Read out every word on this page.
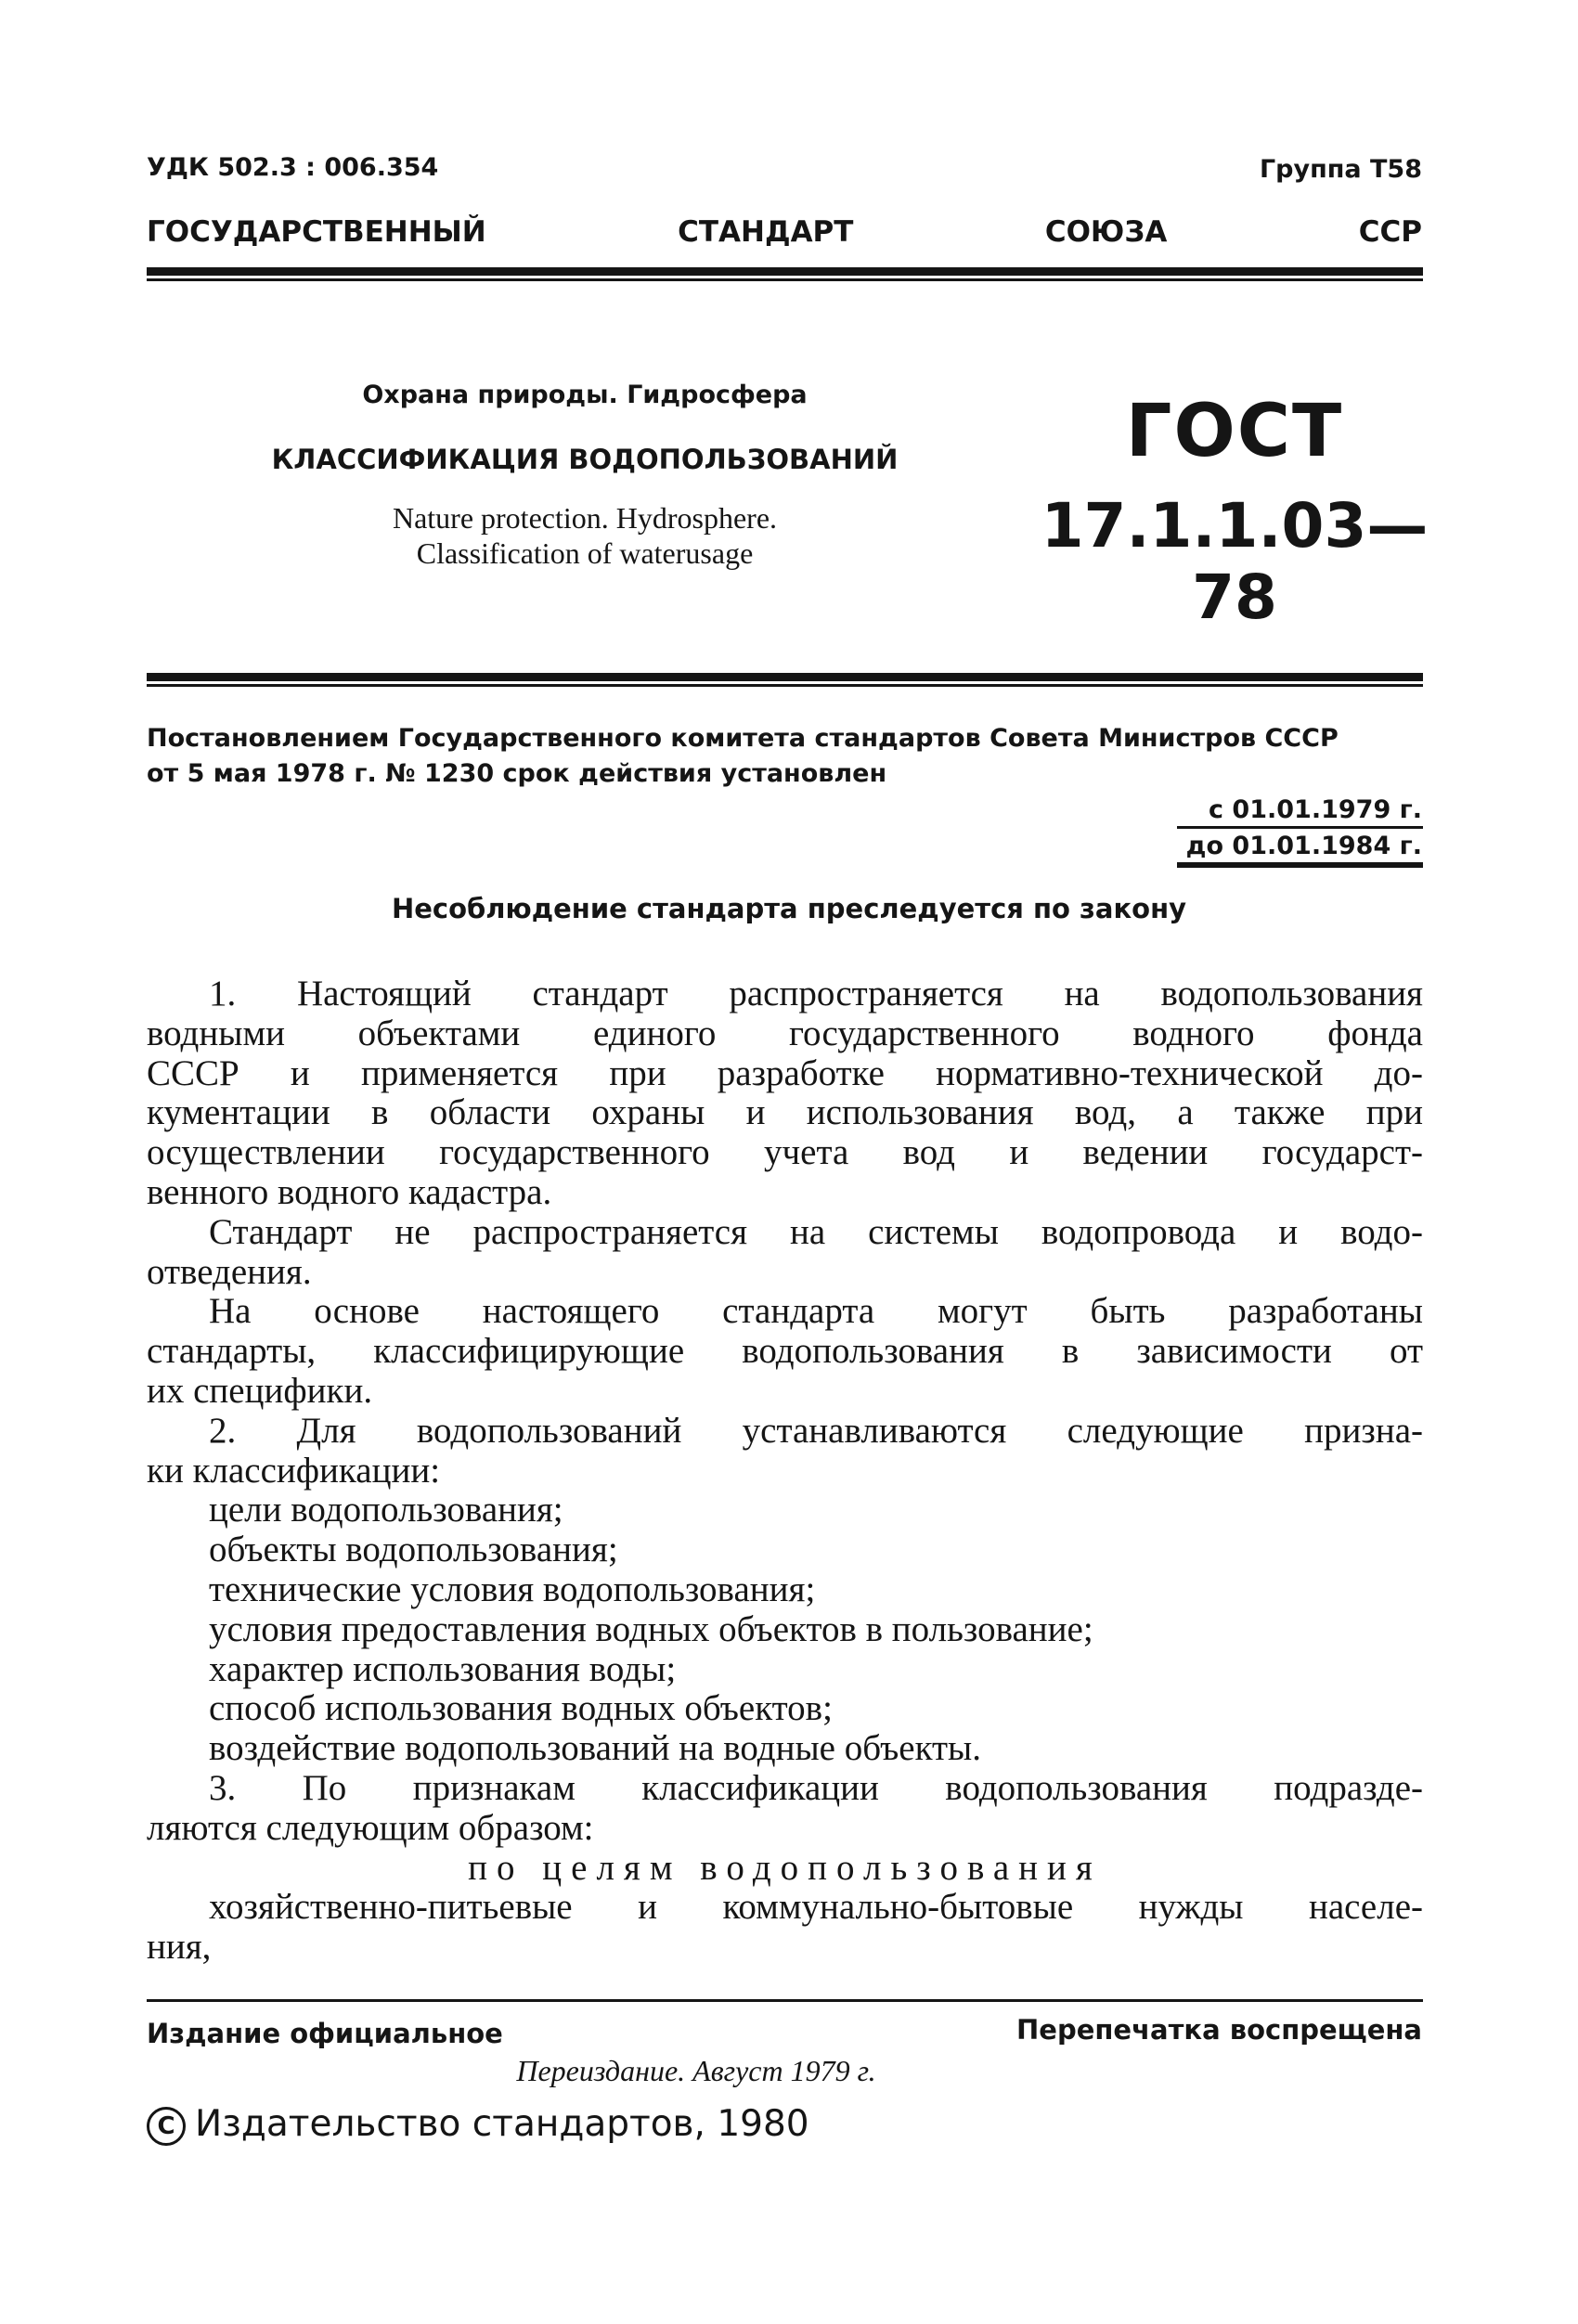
УДК 502.3 : 006.354	Группа Т58
ГОСУДАРСТВЕННЫЙ	СТАНДАРТ	СОЮЗА	ССР
Охрана природы. Гидросфера
КЛАССИФИКАЦИЯ ВОДОПОЛЬЗОВАНИЙ
Nature protection. Hydrosphere.
Classification of waterusage
ГОСТ
17.1.1.03—78
Постановлением Государственного комитета стандартов Совета Министров СССР
от 5 мая 1978 г. № 1230 срок действия установлен
с 01.01.1979 г.
до 01.01.1984 г.
Несоблюдение стандарта преследуется по закону
1. Настоящий стандарт распространяется на водопользования
водными объектами единого государственного водного фонда
СССР и применяется при разработке нормативно-технической до-
кументации в области охраны и использования вод, а также при
осуществлении государственного учета вод и ведении государст-
венного водного кадастра.
Стандарт не распространяется на системы водопровода и водо-
отведения.
На основе настоящего стандарта могут быть разработаны
стандарты, классифицирующие водопользования в зависимости от
их специфики.
2. Для водопользований устанавливаются следующие призна-
ки классификации:
цели водопользования;
объекты водопользования;
технические условия водопользования;
условия предоставления водных объектов в пользование;
характер использования воды;
способ использования водных объектов;
воздействие водопользований на водные объекты.
3. По признакам классификации водопользования подразде-
ляются следующим образом:
по целям водопользования
хозяйственно-питьевые и коммунально-бытовые нужды населе-
ния,
Издание официальное	Перепечатка воспрещена
Переиздание. Август 1979 г.
C Издательство стандартов, 1980
